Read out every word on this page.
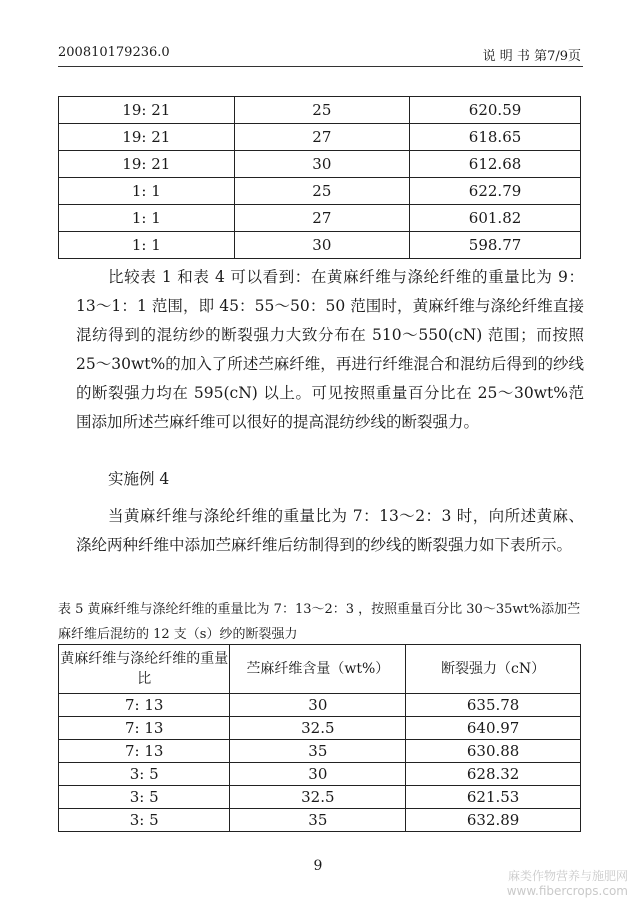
200810179236.0	说 明 书 第7/9页
19: 21	25	620.59
19: 21	27	618.65
19: 21	30	612.68
1: 1	25	622.79
1: 1	27	601.82
1: 1	30	598.77
比较表 1 和表 4 可以看到：在黄麻纤维与涤纶纤维的重量比为 9：13～1：1 范围，即 45：55～50：50 范围时，黄麻纤维与涤纶纤维直接混纺得到的混纺纱的断裂强力大致分布在 510～550(cN) 范围；而按照 25～30wt%的加入了所述苎麻纤维，再进行纤维混合和混纺后得到的纱线的断裂强力均在 595(cN) 以上。可见按照重量百分比在 25～30wt%范围添加所述苎麻纤维可以很好的提高混纺纱线的断裂强力。
实施例 4
当黄麻纤维与涤纶纤维的重量比为 7：13～2：3 时，向所述黄麻、涤纶两种纤维中添加苎麻纤维后纺制得到的纱线的断裂强力如下表所示。
表 5 黄麻纤维与涤纶纤维的重量比为 7：13～2：3 ，按照重量百分比 30～35wt%添加苎麻纤维后混纺的 12 支（s）纱的断裂强力
黄麻纤维与涤纶纤维的重量比	苎麻纤维含量（wt%）	断裂强力（cN）
7: 13	30	635.78
7: 13	32.5	640.97
7: 13	35	630.88
3: 5	30	628.32
3: 5	32.5	621.53
3: 5	35	632.89
9
麻类作物营养与施肥网
www.fibercrops.com
